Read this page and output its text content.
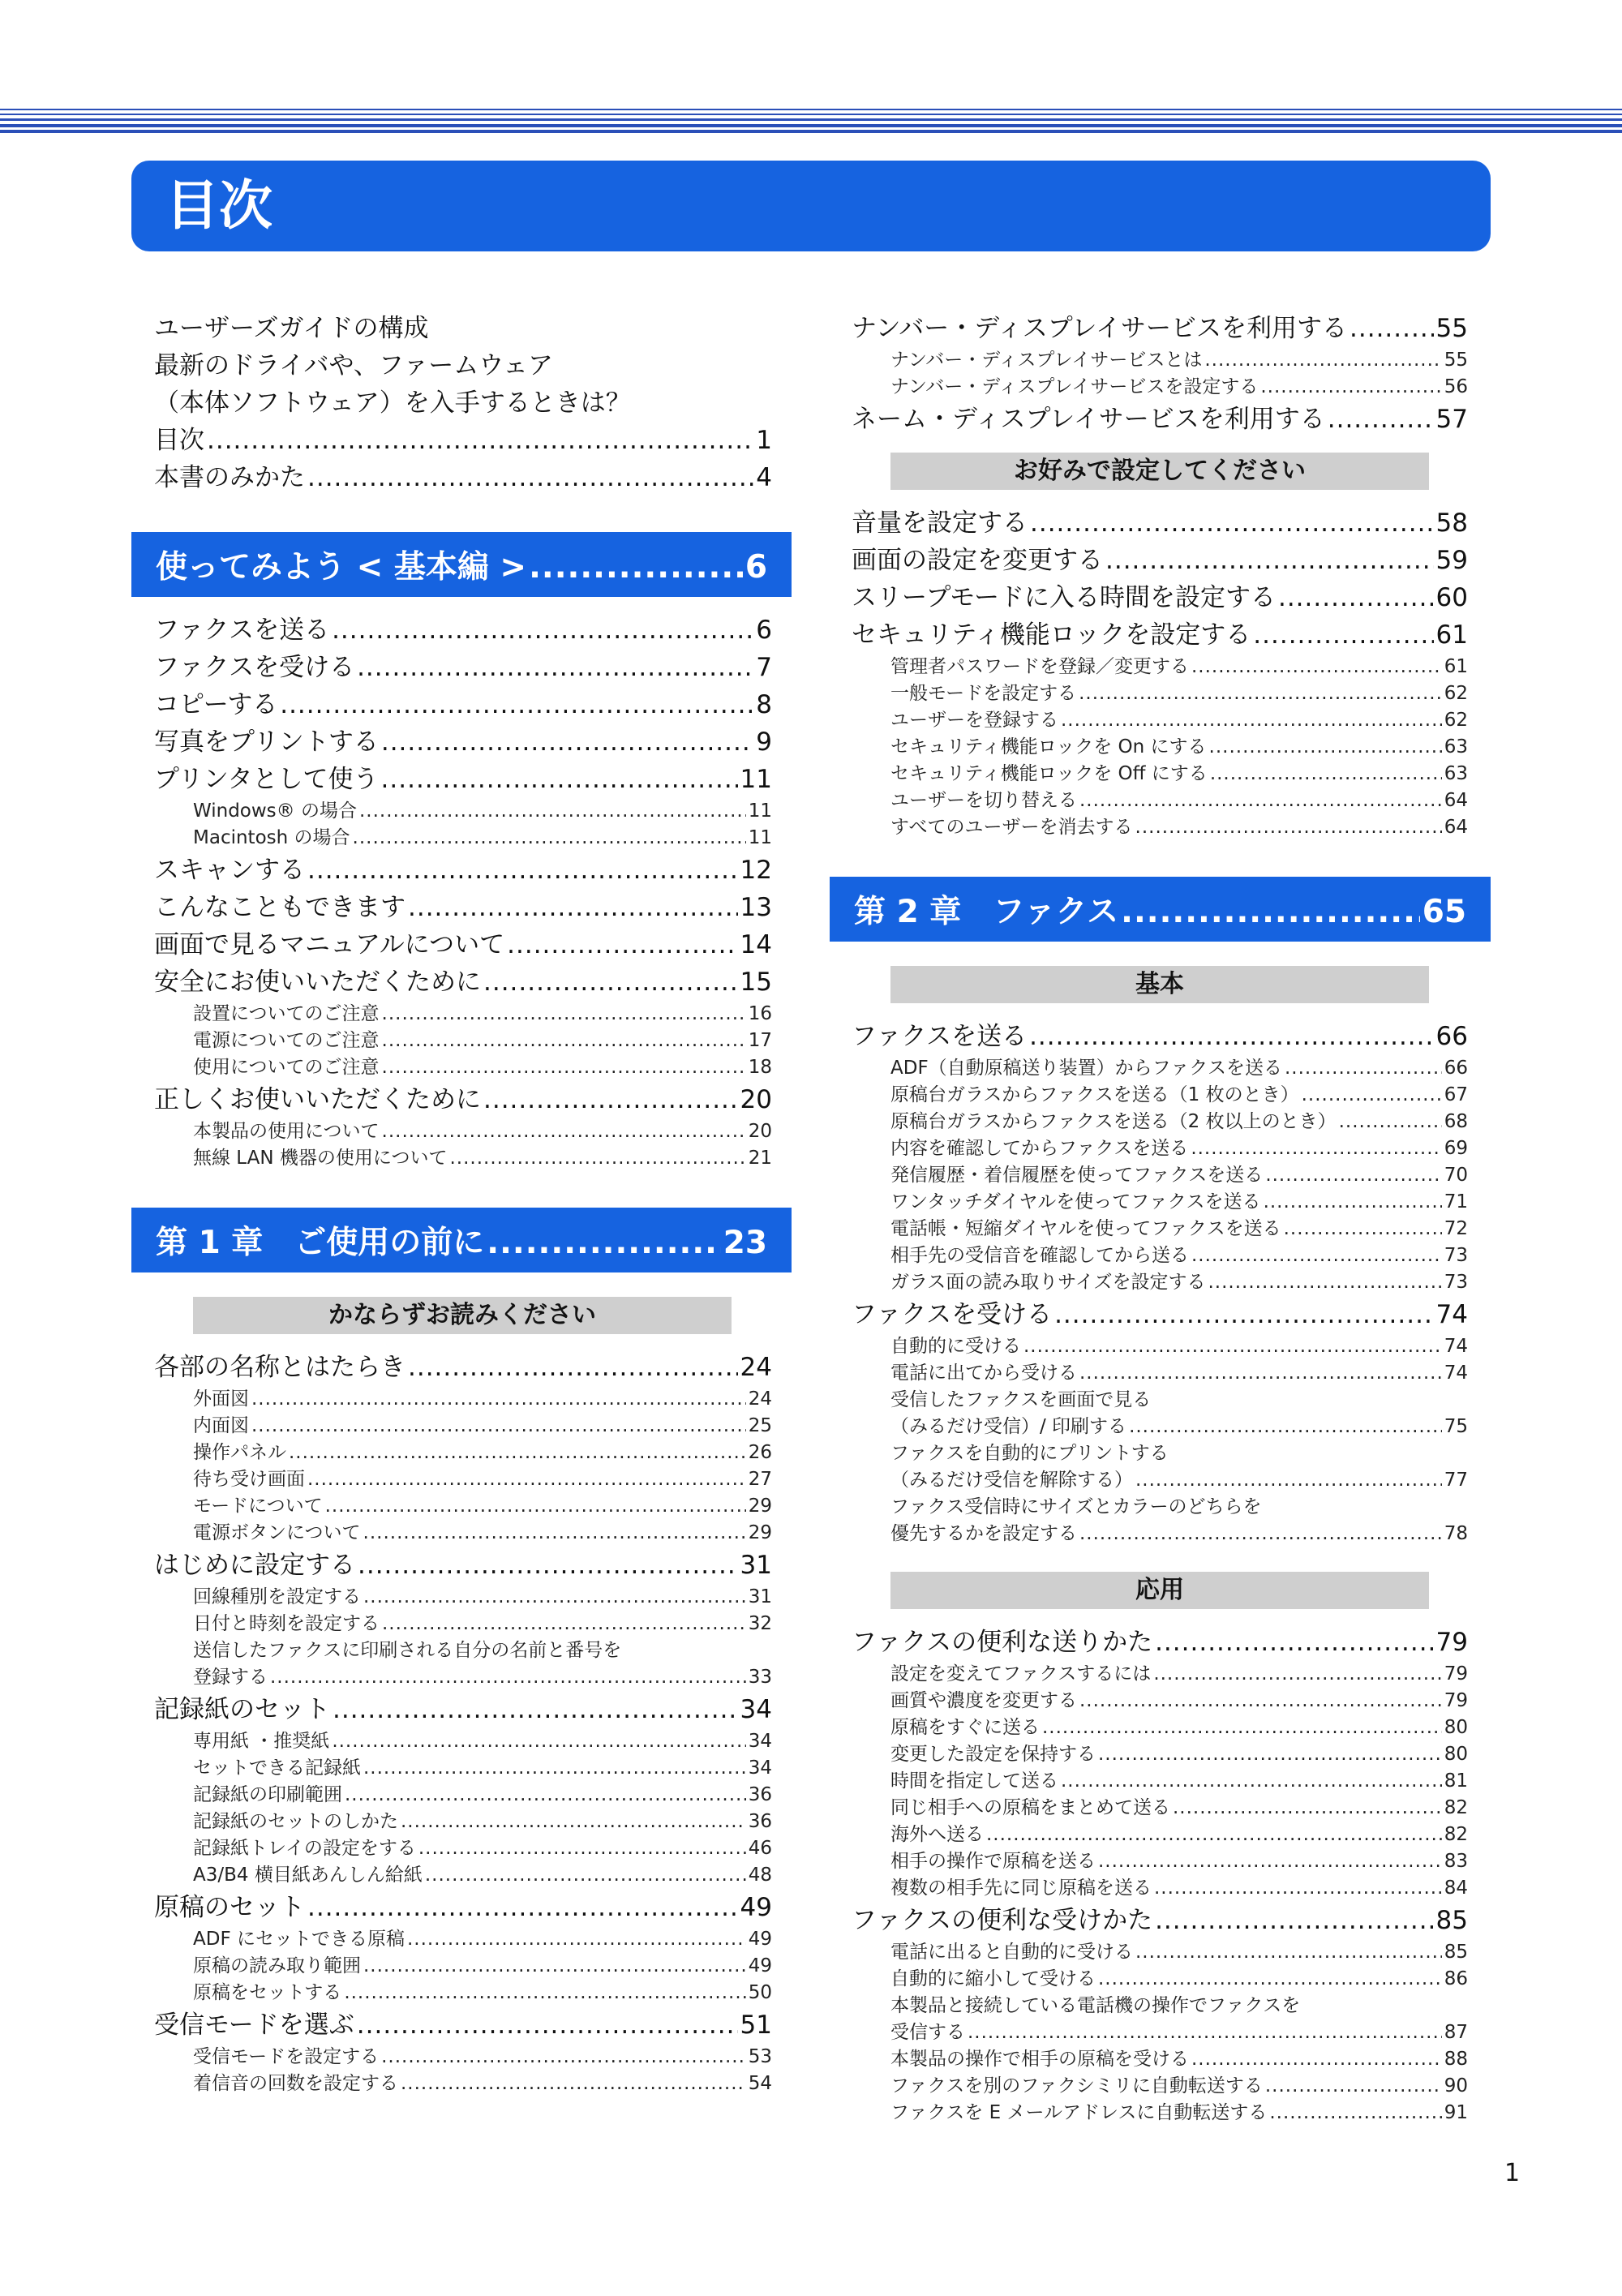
目次
ユーザーズガイドの構成
最新のドライバや、ファームウェア
（本体ソフトウェア）を入手するときは？
目次 .....	1
本書のみかた .....	4
使ってみよう < 基本編 > .....	6
ファクスを送る .....	6
ファクスを受ける .....	7
コピーする .....	8
写真をプリントする .....	9
プリンタとして使う .....	11
Windows® の場合 .....	11
Macintosh の場合 .....	11
スキャンする .....	12
こんなこともできます .....	13
画面で見るマニュアルについて .....	14
安全にお使いいただくために .....	15
設置についてのご注意 .....	16
電源についてのご注意 .....	17
使用についてのご注意 .....	18
正しくお使いいただくために .....	20
本製品の使用について .....	20
無線 LAN 機器の使用について .....	21
第 1 章　ご使用の前に .....	23
かならずお読みください
各部の名称とはたらき .....	24
外面図 .....	24
内面図 .....	25
操作パネル .....	26
待ち受け画面 .....	27
モードについて .....	29
電源ボタンについて .....	29
はじめに設定する .....	31
回線種別を設定する .....	31
日付と時刻を設定する .....	32
送信したファクスに印刷される自分の名前と番号を
登録する .....	33
記録紙のセット .....	34
専用紙 ・推奨紙 .....	34
セットできる記録紙 .....	34
記録紙の印刷範囲 .....	36
記録紙のセットのしかた .....	36
記録紙トレイの設定をする .....	46
A3/B4 横目紙あんしん給紙 .....	48
原稿のセット .....	49
ADF にセットできる原稿 .....	49
原稿の読み取り範囲 .....	49
原稿をセットする .....	50
受信モードを選ぶ .....	51
受信モードを設定する .....	53
着信音の回数を設定する .....	54
ナンバー・ディスプレイサービスを利用する .....	55
ナンバー・ディスプレイサービスとは .....	55
ナンバー・ディスプレイサービスを設定する .....	56
ネーム・ディスプレイサービスを利用する .....	57
お好みで設定してください
音量を設定する .....	58
画面の設定を変更する .....	59
スリープモードに入る時間を設定する .....	60
セキュリティ機能ロックを設定する .....	61
管理者パスワードを登録／変更する .....	61
一般モードを設定する .....	62
ユーザーを登録する .....	62
セキュリティ機能ロックを On にする .....	63
セキュリティ機能ロックを Off にする .....	63
ユーザーを切り替える .....	64
すべてのユーザーを消去する .....	64
第 2 章　ファクス .....	65
基本
ファクスを送る .....	66
ADF（自動原稿送り装置）からファクスを送る .....	66
原稿台ガラスからファクスを送る（1 枚のとき） .....	67
原稿台ガラスからファクスを送る（2 枚以上のとき） .....	68
内容を確認してからファクスを送る .....	69
発信履歴・着信履歴を使ってファクスを送る .....	70
ワンタッチダイヤルを使ってファクスを送る .....	71
電話帳・短縮ダイヤルを使ってファクスを送る .....	72
相手先の受信音を確認してから送る .....	73
ガラス面の読み取りサイズを設定する .....	73
ファクスを受ける .....	74
自動的に受ける .....	74
電話に出てから受ける .....	74
受信したファクスを画面で見る
（みるだけ受信）/ 印刷する .....	75
ファクスを自動的にプリントする
（みるだけ受信を解除する） .....	77
ファクス受信時にサイズとカラーのどちらを
優先するかを設定する .....	78
応用
ファクスの便利な送りかた .....	79
設定を変えてファクスするには .....	79
画質や濃度を変更する .....	79
原稿をすぐに送る .....	80
変更した設定を保持する .....	80
時間を指定して送る .....	81
同じ相手への原稿をまとめて送る .....	82
海外へ送る .....	82
相手の操作で原稿を送る .....	83
複数の相手先に同じ原稿を送る .....	84
ファクスの便利な受けかた .....	85
電話に出ると自動的に受ける .....	85
自動的に縮小して受ける .....	86
本製品と接続している電話機の操作でファクスを
受信する .....	87
本製品の操作で相手の原稿を受ける .....	88
ファクスを別のファクシミリに自動転送する .....	90
ファクスを E メールアドレスに自動転送する .....	91
1
